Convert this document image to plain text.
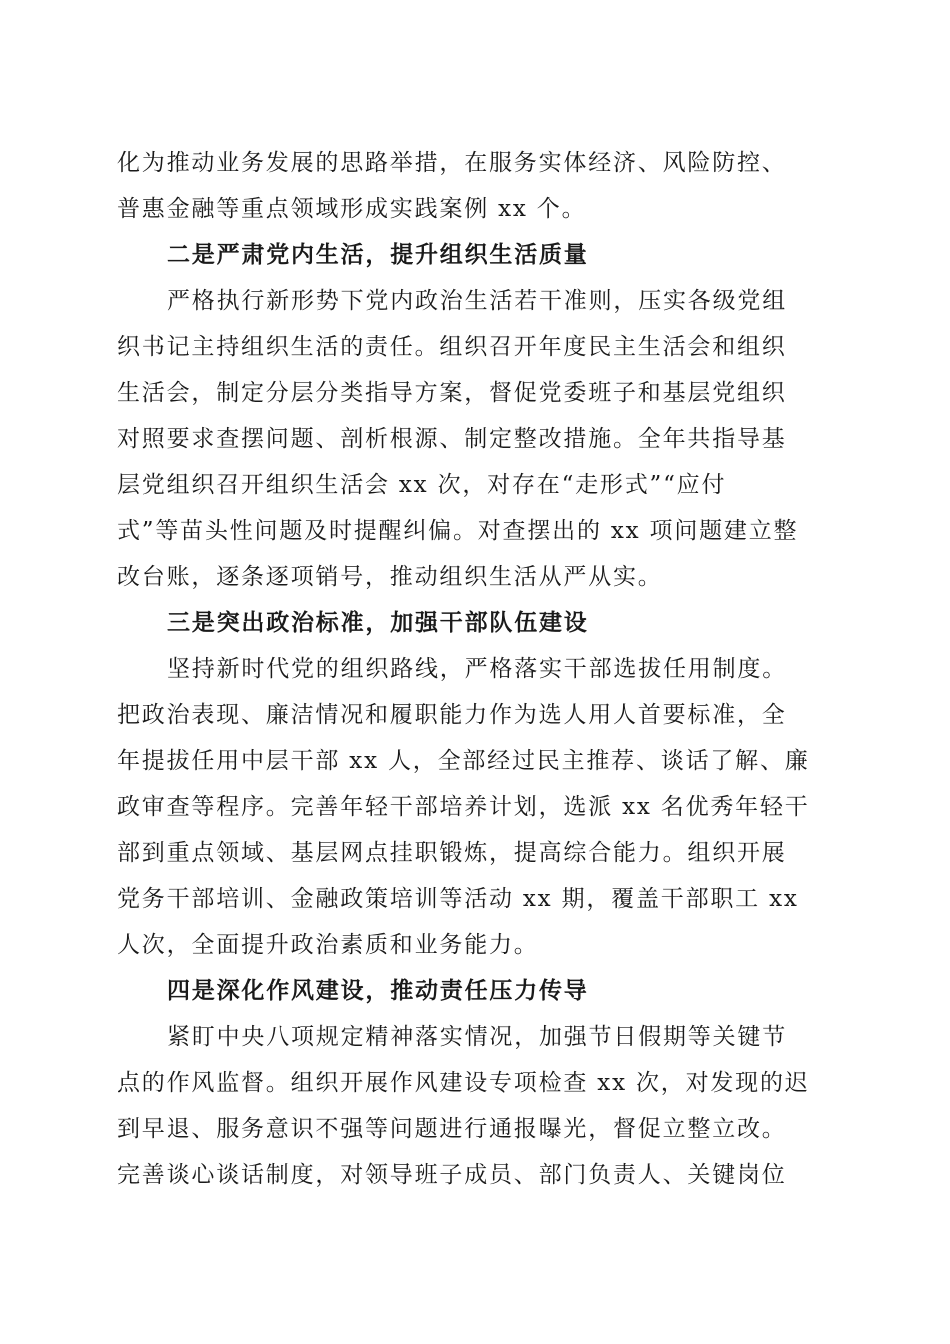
化为推动业务发展的思路举措，在服务实体经济、风险防控、
普惠金融等重点领域形成实践案例 xx 个。

二是严肃党内生活，提升组织生活质量

严格执行新形势下党内政治生活若干准则，压实各级党组
织书记主持组织生活的责任。组织召开年度民主生活会和组织
生活会，制定分层分类指导方案，督促党委班子和基层党组织
对照要求查摆问题、剖析根源、制定整改措施。全年共指导基
层党组织召开组织生活会 xx 次，对存在“走形式”“应付
式”等苗头性问题及时提醒纠偏。对查摆出的 xx 项问题建立整
改台账，逐条逐项销号，推动组织生活从严从实。

三是突出政治标准，加强干部队伍建设

坚持新时代党的组织路线，严格落实干部选拔任用制度。
把政治表现、廉洁情况和履职能力作为选人用人首要标准，全
年提拔任用中层干部 xx 人，全部经过民主推荐、谈话了解、廉
政审查等程序。完善年轻干部培养计划，选派 xx 名优秀年轻干
部到重点领域、基层网点挂职锻炼，提高综合能力。组织开展
党务干部培训、金融政策培训等活动 xx 期，覆盖干部职工 xx
人次，全面提升政治素质和业务能力。

四是深化作风建设，推动责任压力传导

紧盯中央八项规定精神落实情况，加强节日假期等关键节
点的作风监督。组织开展作风建设专项检查 xx 次，对发现的迟
到早退、服务意识不强等问题进行通报曝光，督促立整立改。
完善谈心谈话制度，对领导班子成员、部门负责人、关键岗位
